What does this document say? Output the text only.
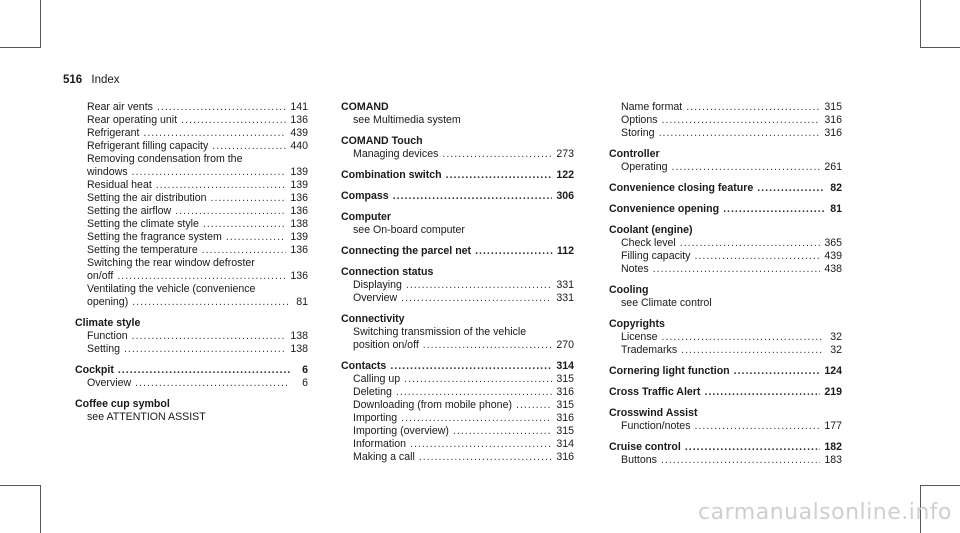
516 Index
Rear air vents .....	141
Rear operating unit .....	136
Refrigerant .....	439
Refrigerant filling capacity .....	440
Removing condensation from the
windows .....	139
Residual heat .....	139
Setting the air distribution .....	136
Setting the airflow .....	136
Setting the climate style .....	138
Setting the fragrance system .....	139
Setting the temperature .....	136
Switching the rear window defroster
on/off .....	136
Ventilating the vehicle (convenience
opening) .....	81
Climate style
Function .....	138
Setting .....	138
Cockpit .....	6
Overview .....	6
Coffee cup symbol
see ATTENTION ASSIST
COMAND
see Multimedia system
COMAND Touch
Managing devices .....	273
Combination switch .....	122
Compass .....	306
Computer
see On-board computer
Connecting the parcel net .....	112
Connection status
Displaying .....	331
Overview .....	331
Connectivity
Switching transmission of the vehicle
position on/off .....	270
Contacts .....	314
Calling up .....	315
Deleting .....	316
Downloading (from mobile phone) .....	315
Importing .....	316
Importing (overview) .....	315
Information .....	314
Making a call .....	316
Name format .....	315
Options .....	316
Storing .....	316
Controller
Operating .....	261
Convenience closing feature .....	82
Convenience opening .....	81
Coolant (engine)
Check level .....	365
Filling capacity .....	439
Notes .....	438
Cooling
see Climate control
Copyrights
License .....	32
Trademarks .....	32
Cornering light function .....	124
Cross Traffic Alert .....	219
Crosswind Assist
Function/notes .....	177
Cruise control .....	182
Buttons .....	183
carmanualsonline.info
